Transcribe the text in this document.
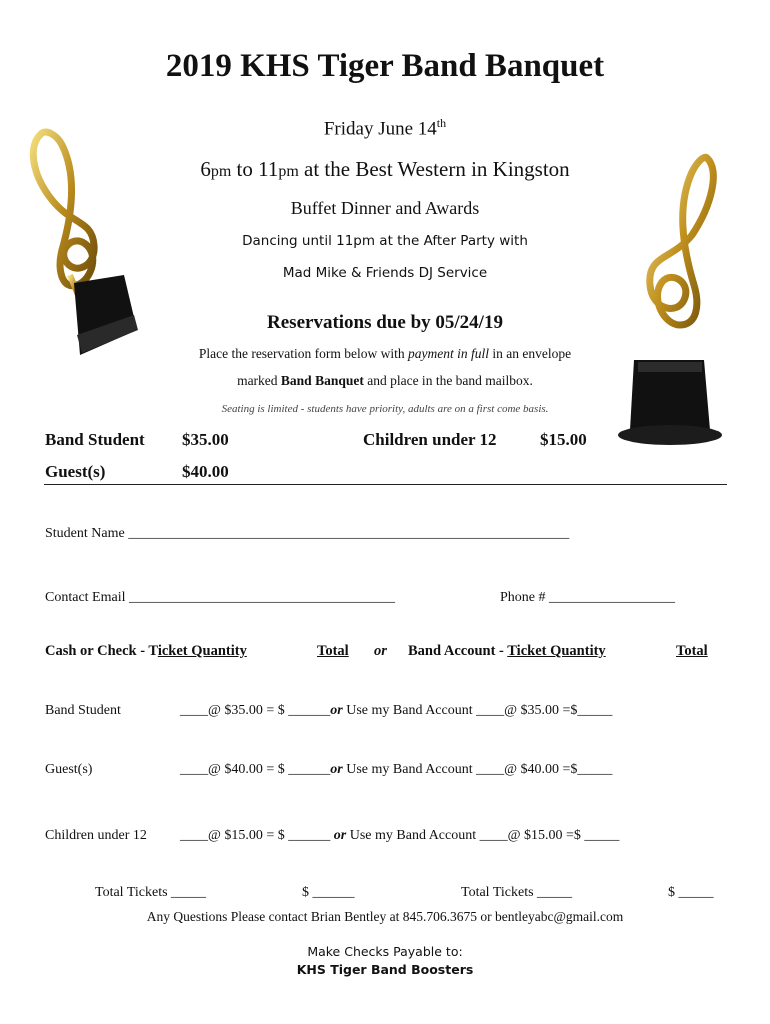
2019 KHS Tiger Band Banquet
Friday June 14th
6pm to 11pm at the Best Western in Kingston
Buffet Dinner and Awards
Dancing until 11pm at the After Party with
Mad Mike & Friends DJ Service
Reservations due by 05/24/19
Place the reservation form below with payment in full in an envelope
marked Band Banquet and place in the band mailbox.
Seating is limited - students have priority, adults are on a first come basis.
Band Student $35.00	Children under 12	$15.00
Guest(s)	$40.00
Student Name _______________________________________________________________
Contact Email ______________________________________	Phone # __________________
Cash or Check - Ticket Quantity	Total or Band Account - Ticket Quantity	Total
Band Student	____@ $35.00 = $ ______or Use my Band Account ____@ $35.00 =$_____
Guest(s)	____@ $40.00 = $ ______or Use my Band Account ____@ $40.00 =$_____
Children under 12 ____@ $15.00 = $ ______ or Use my Band Account ____@ $15.00 =$ _____
Total Tickets _____	$ ______	Total Tickets _____	$ _____
Any Questions Please contact Brian Bentley at 845.706.3675 or bentleyabc@gmail.com
Make Checks Payable to:
KHS Tiger Band Boosters
